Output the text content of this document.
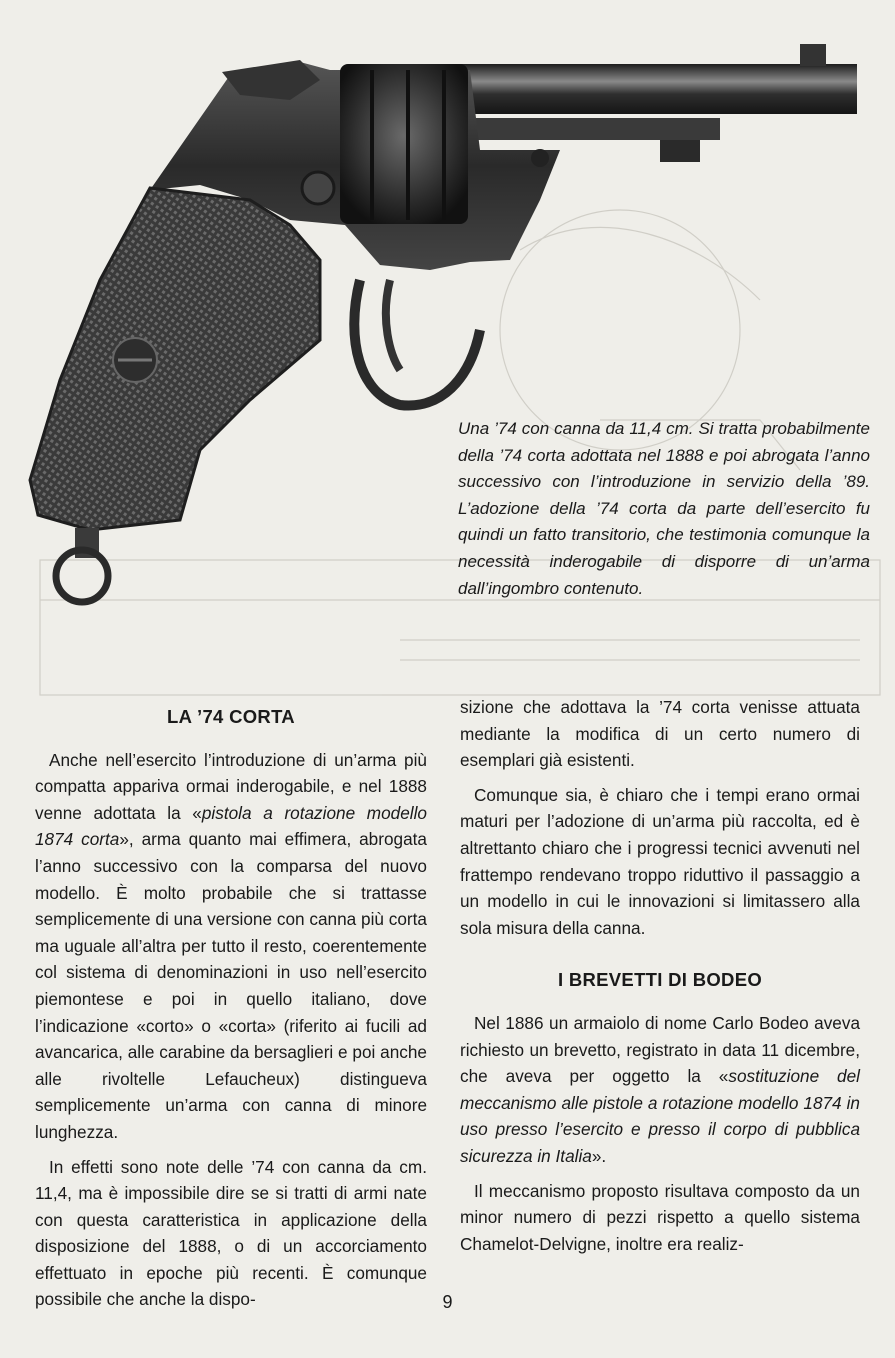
Una ’74 con canna da 11,4 cm. Si tratta probabilmente della ’74 corta adottata nel 1888 e poi abrogata l’anno successivo con l’introduzione in servizio della ’89. L’adozione della ’74 corta da parte dell’esercito fu quindi un fatto transitorio, che testimonia comunque la necessità inderogabile di disporre di un’arma dall’ingombro contenuto.

LA ’74 CORTA

Anche nell’esercito l’introduzione di un’arma più compatta appariva ormai inderogabile, e nel 1888 venne adottata la «pistola a rotazione modello 1874 corta», arma quanto mai effimera, abrogata l’anno successivo con la comparsa del nuovo modello. È molto probabile che si trattasse semplicemente di una versione con canna più corta ma uguale all’altra per tutto il resto, coerentemente col sistema di denominazioni in uso nell’esercito piemontese e poi in quello italiano, dove l’indicazione «corto» o «corta» (riferito ai fucili ad avancarica, alle carabine da bersaglieri e poi anche alle rivoltelle Lefaucheux) distingueva semplicemente un’arma con canna di minore lunghezza.

In effetti sono note delle ’74 con canna da cm. 11,4, ma è impossibile dire se si tratti di armi nate con questa caratteristica in applicazione della disposizione del 1888, o di un accorciamento effettuato in epoche più recenti. È comunque possibile che anche la dispo-

sizione che adottava la ’74 corta venisse attuata mediante la modifica di un certo numero di esemplari già esistenti.

Comunque sia, è chiaro che i tempi erano ormai maturi per l’adozione di un’arma più raccolta, ed è altrettanto chiaro che i progressi tecnici avvenuti nel frattempo rendevano troppo riduttivo il passaggio a un modello in cui le innovazioni si limitassero alla sola misura della canna.

I BREVETTI DI BODEO

Nel 1886 un armaiolo di nome Carlo Bodeo aveva richiesto un brevetto, registrato in data 11 dicembre, che aveva per oggetto la «sostituzione del meccanismo alle pistole a rotazione modello 1874 in uso presso l’esercito e presso il corpo di pubblica sicurezza in Italia».

Il meccanismo proposto risultava composto da un minor numero di pezzi rispetto a quello sistema Chamelot-Delvigne, inoltre era realiz-

9
